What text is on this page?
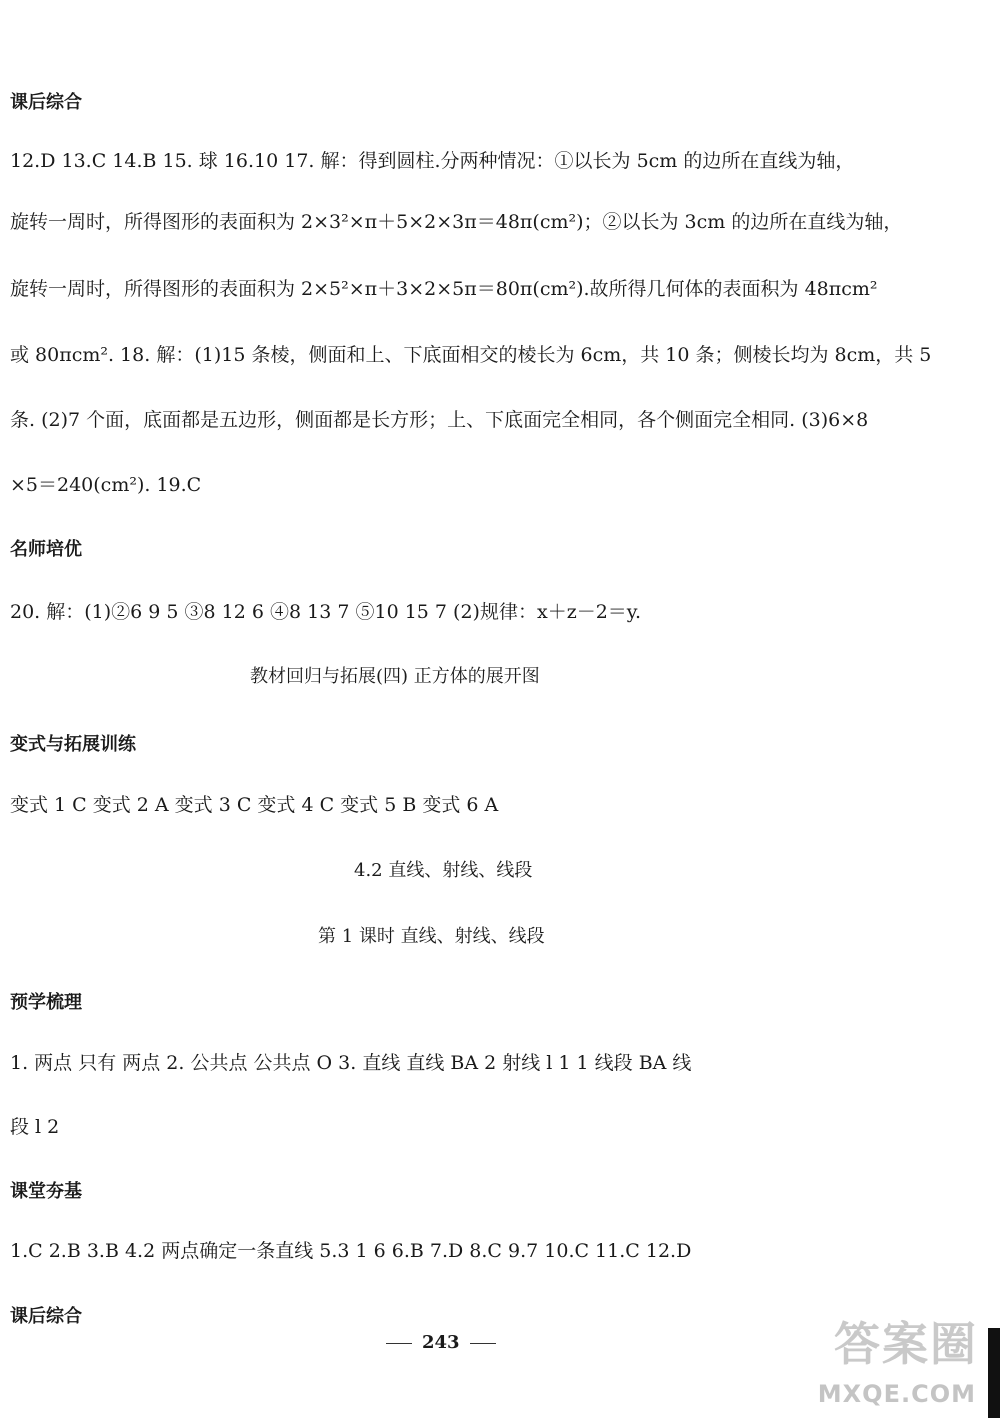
课后综合
12.D 13.C 14.B 15. 球 16.10 17. 解：得到圆柱.分两种情况：①以长为 5cm 的边所在直线为轴，
旋转一周时，所得图形的表面积为 2×3²×π＋5×2×3π＝48π(cm²)；②以长为 3cm 的边所在直线为轴，
旋转一周时，所得图形的表面积为 2×5²×π＋3×2×5π＝80π(cm²).故所得几何体的表面积为 48πcm²
或 80πcm². 18. 解：(1)15 条棱，侧面和上、下底面相交的棱长为 6cm，共 10 条；侧棱长均为 8cm，共 5
条. (2)7 个面，底面都是五边形，侧面都是长方形；上、下底面完全相同，各个侧面完全相同. (3)6×8
×5＝240(cm²). 19.C
名师培优
20. 解：(1)②6 9 5 ③8 12 6 ④8 13 7 ⑤10 15 7 (2)规律：x＋z－2＝y.
教材回归与拓展(四) 正方体的展开图
变式与拓展训练
变式 1 C 变式 2 A 变式 3 C 变式 4 C 变式 5 B 变式 6 A
4.2 直线、射线、线段
第 1 课时 直线、射线、线段
预学梳理
1. 两点 只有 两点 2. 公共点 公共点 O 3. 直线 直线 BA 2 射线 l 1 1 线段 BA 线
段 l 2
课堂夯基
1.C 2.B 3.B 4.2 两点确定一条直线 5.3 1 6 6.B 7.D 8.C 9.7 10.C 11.C 12.D
课后综合
243	答案圈
MXQE.COM
